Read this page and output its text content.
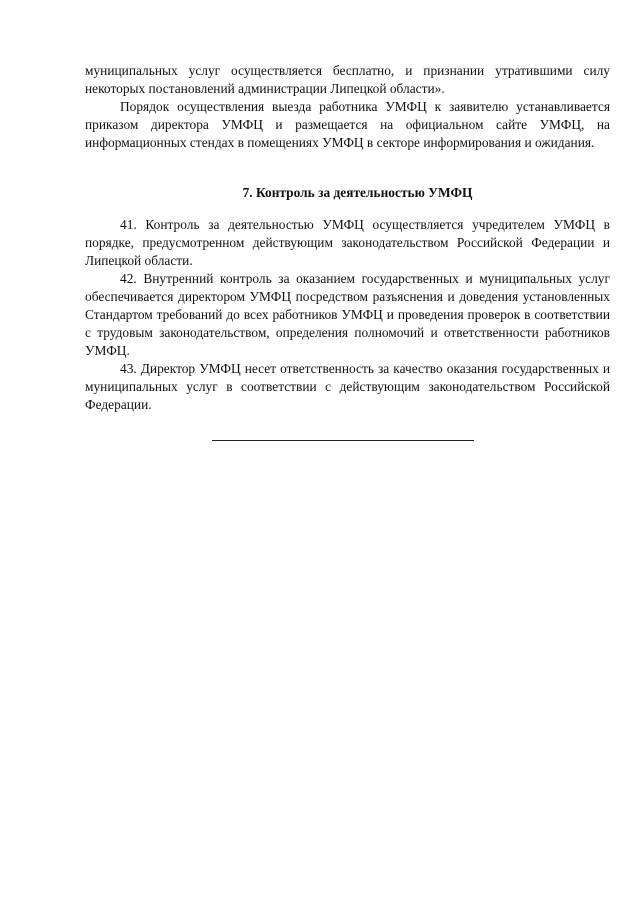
муниципальных услуг осуществляется бесплатно, и признании утратившими силу некоторых постановлений администрации Липецкой области».

Порядок осуществления выезда работника УМФЦ к заявителю устанавливается приказом директора УМФЦ и размещается на официальном сайте УМФЦ, на информационных стендах в помещениях УМФЦ в секторе информирования и ожидания.

7. Контроль за деятельностью УМФЦ

41. Контроль за деятельностью УМФЦ осуществляется учредителем УМФЦ в порядке, предусмотренном действующим законодательством Российской Федерации и Липецкой области.

42. Внутренний контроль за оказанием государственных и муниципальных услуг обеспечивается директором УМФЦ посредством разъяснения и доведения установленных Стандартом требований до всех работников УМФЦ и проведения проверок в соответствии с трудовым законодательством, определения полномочий и ответственности работников УМФЦ.

43. Директор УМФЦ несет ответственность за качество оказания государственных и муниципальных услуг в соответствии с действующим законодательством Российской Федерации.
